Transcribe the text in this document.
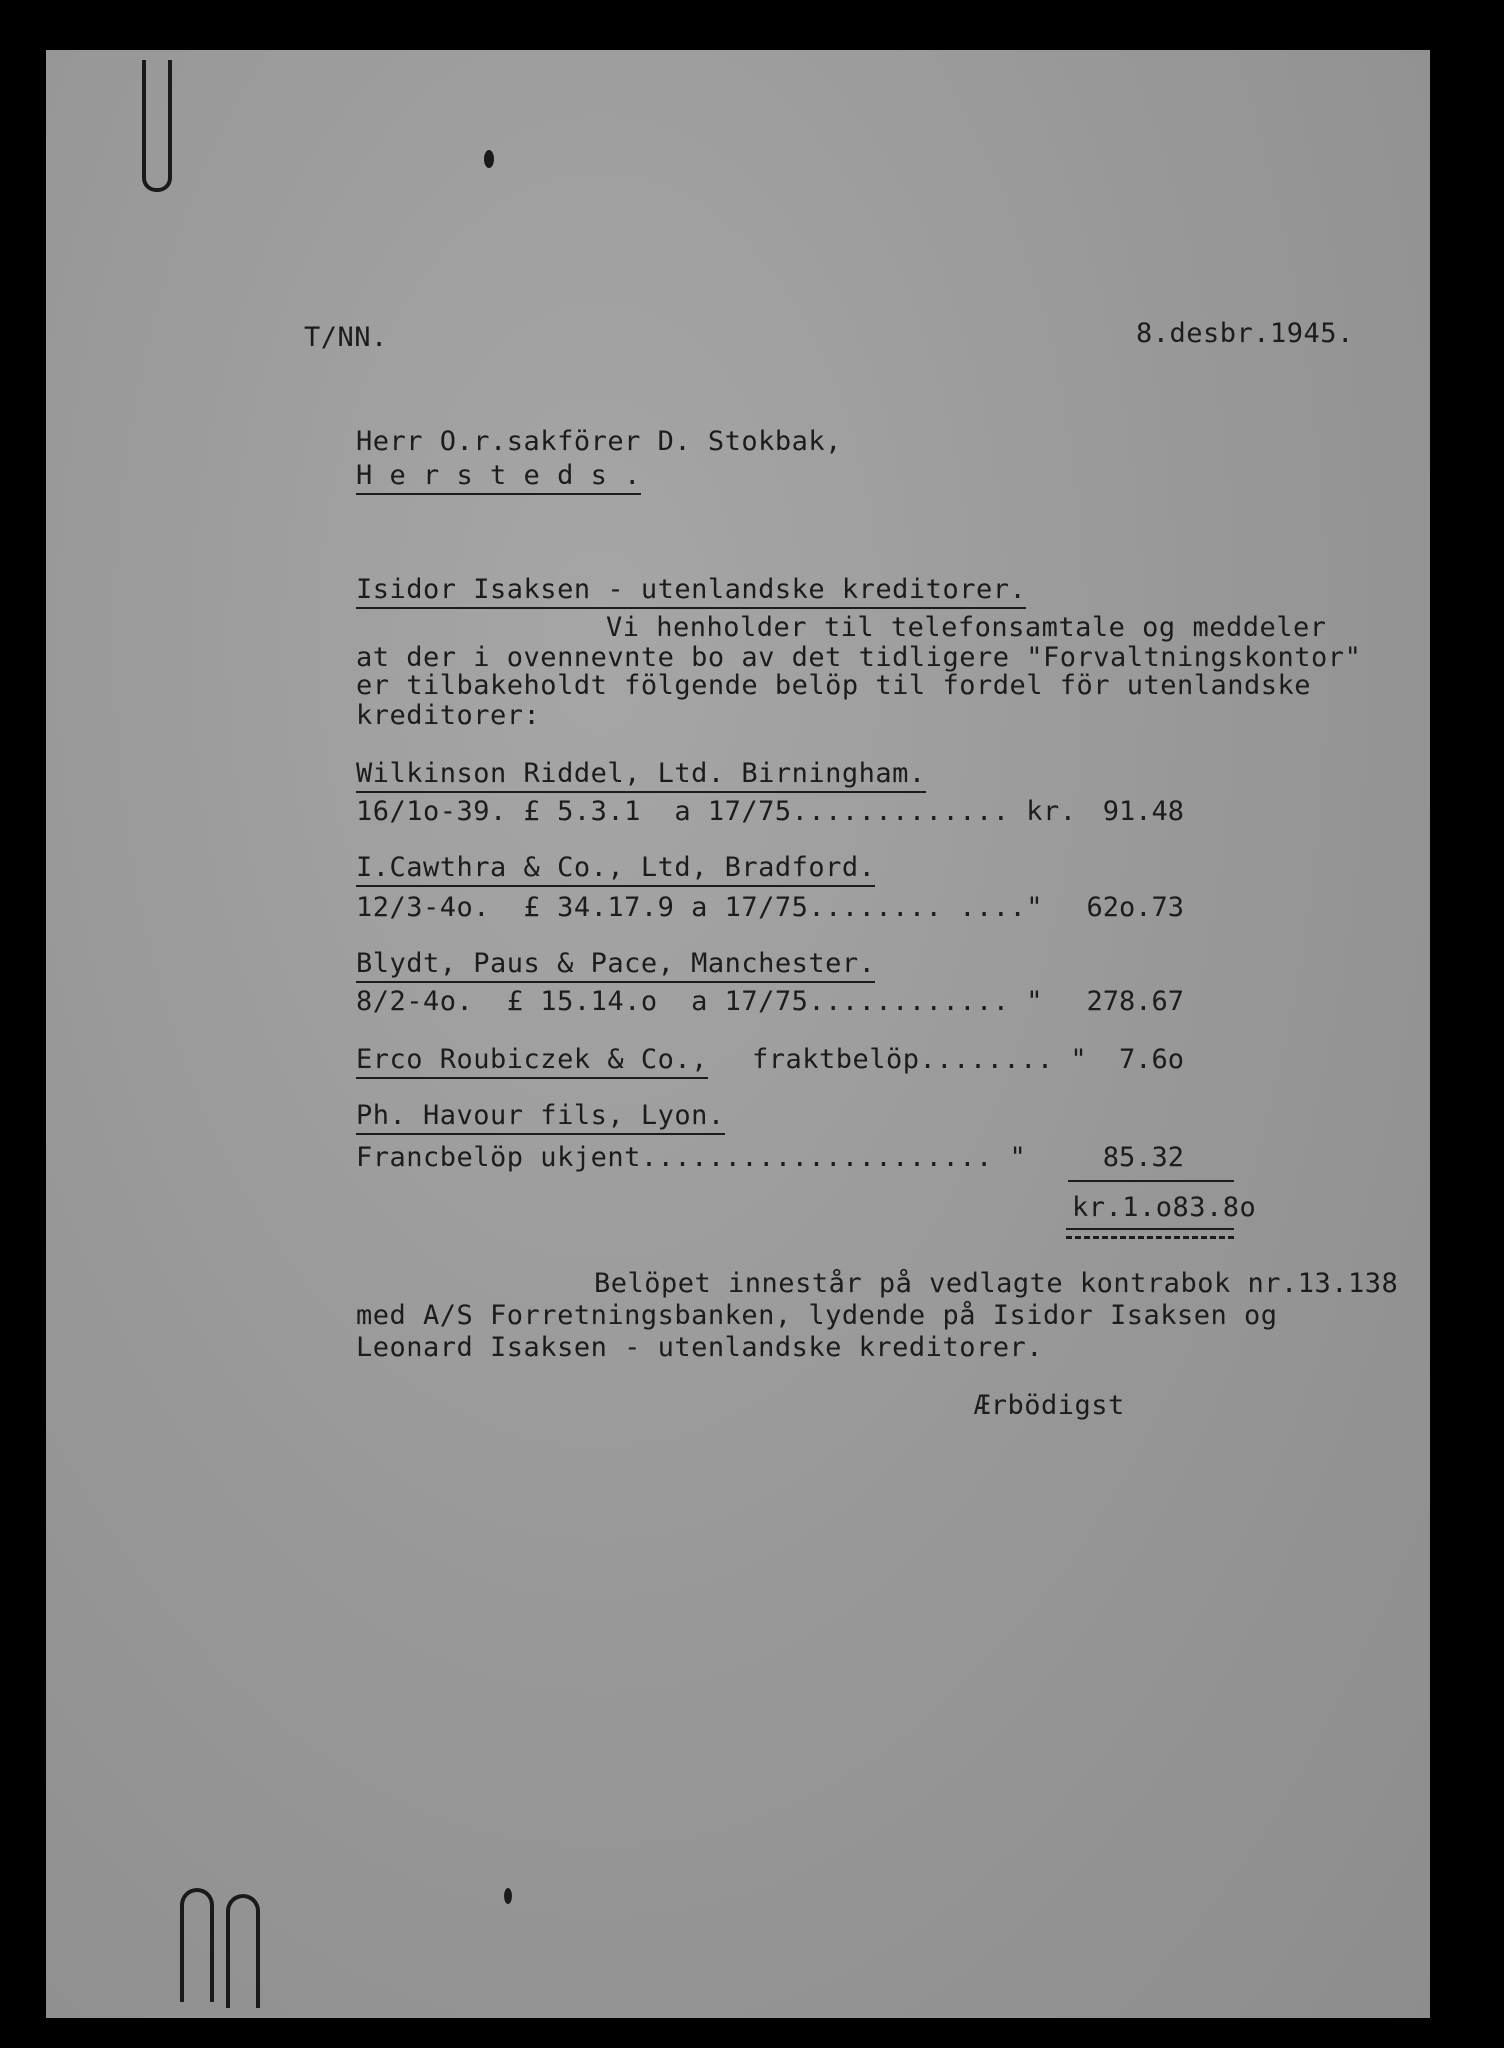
T/NN.	8.desbr.1945.
Herr O.r.sakförer D. Stokbak,
H e r s t e d s .
Isidor Isaksen - utenlandske kreditorer.
Vi henholder til telefonsamtale og meddeler
at der i ovennevnte bo av det tidligere "Forvaltningskontor"
er tilbakeholdt fölgende belöp til fordel för utenlandske
kreditorer:
Wilkinson Riddel, Ltd. Birningham.
16/1o-39. £ 5.3.1  a 17/75............. kr. 91.48
I.Cawthra & Co., Ltd, Bradford.
12/3-4o.  £ 34.17.9 a 17/75........ ...."	62o.73
Blydt, Paus & Pace, Manchester.
8/2-4o.  £ 15.14.o  a 17/75............ "	278.67
Erco Roubiczek & Co., fraktbelöp........ "	7.6o
Ph. Havour fils, Lyon.
Francbelöp ukjent..................... "	85.32
kr.1.o83.8o
Belöpet innestår på vedlagte kontrabok nr.13.138
med A/S Forretningsbanken, lydende på Isidor Isaksen og
Leonard Isaksen - utenlandske kreditorer.
Ærbödigst
